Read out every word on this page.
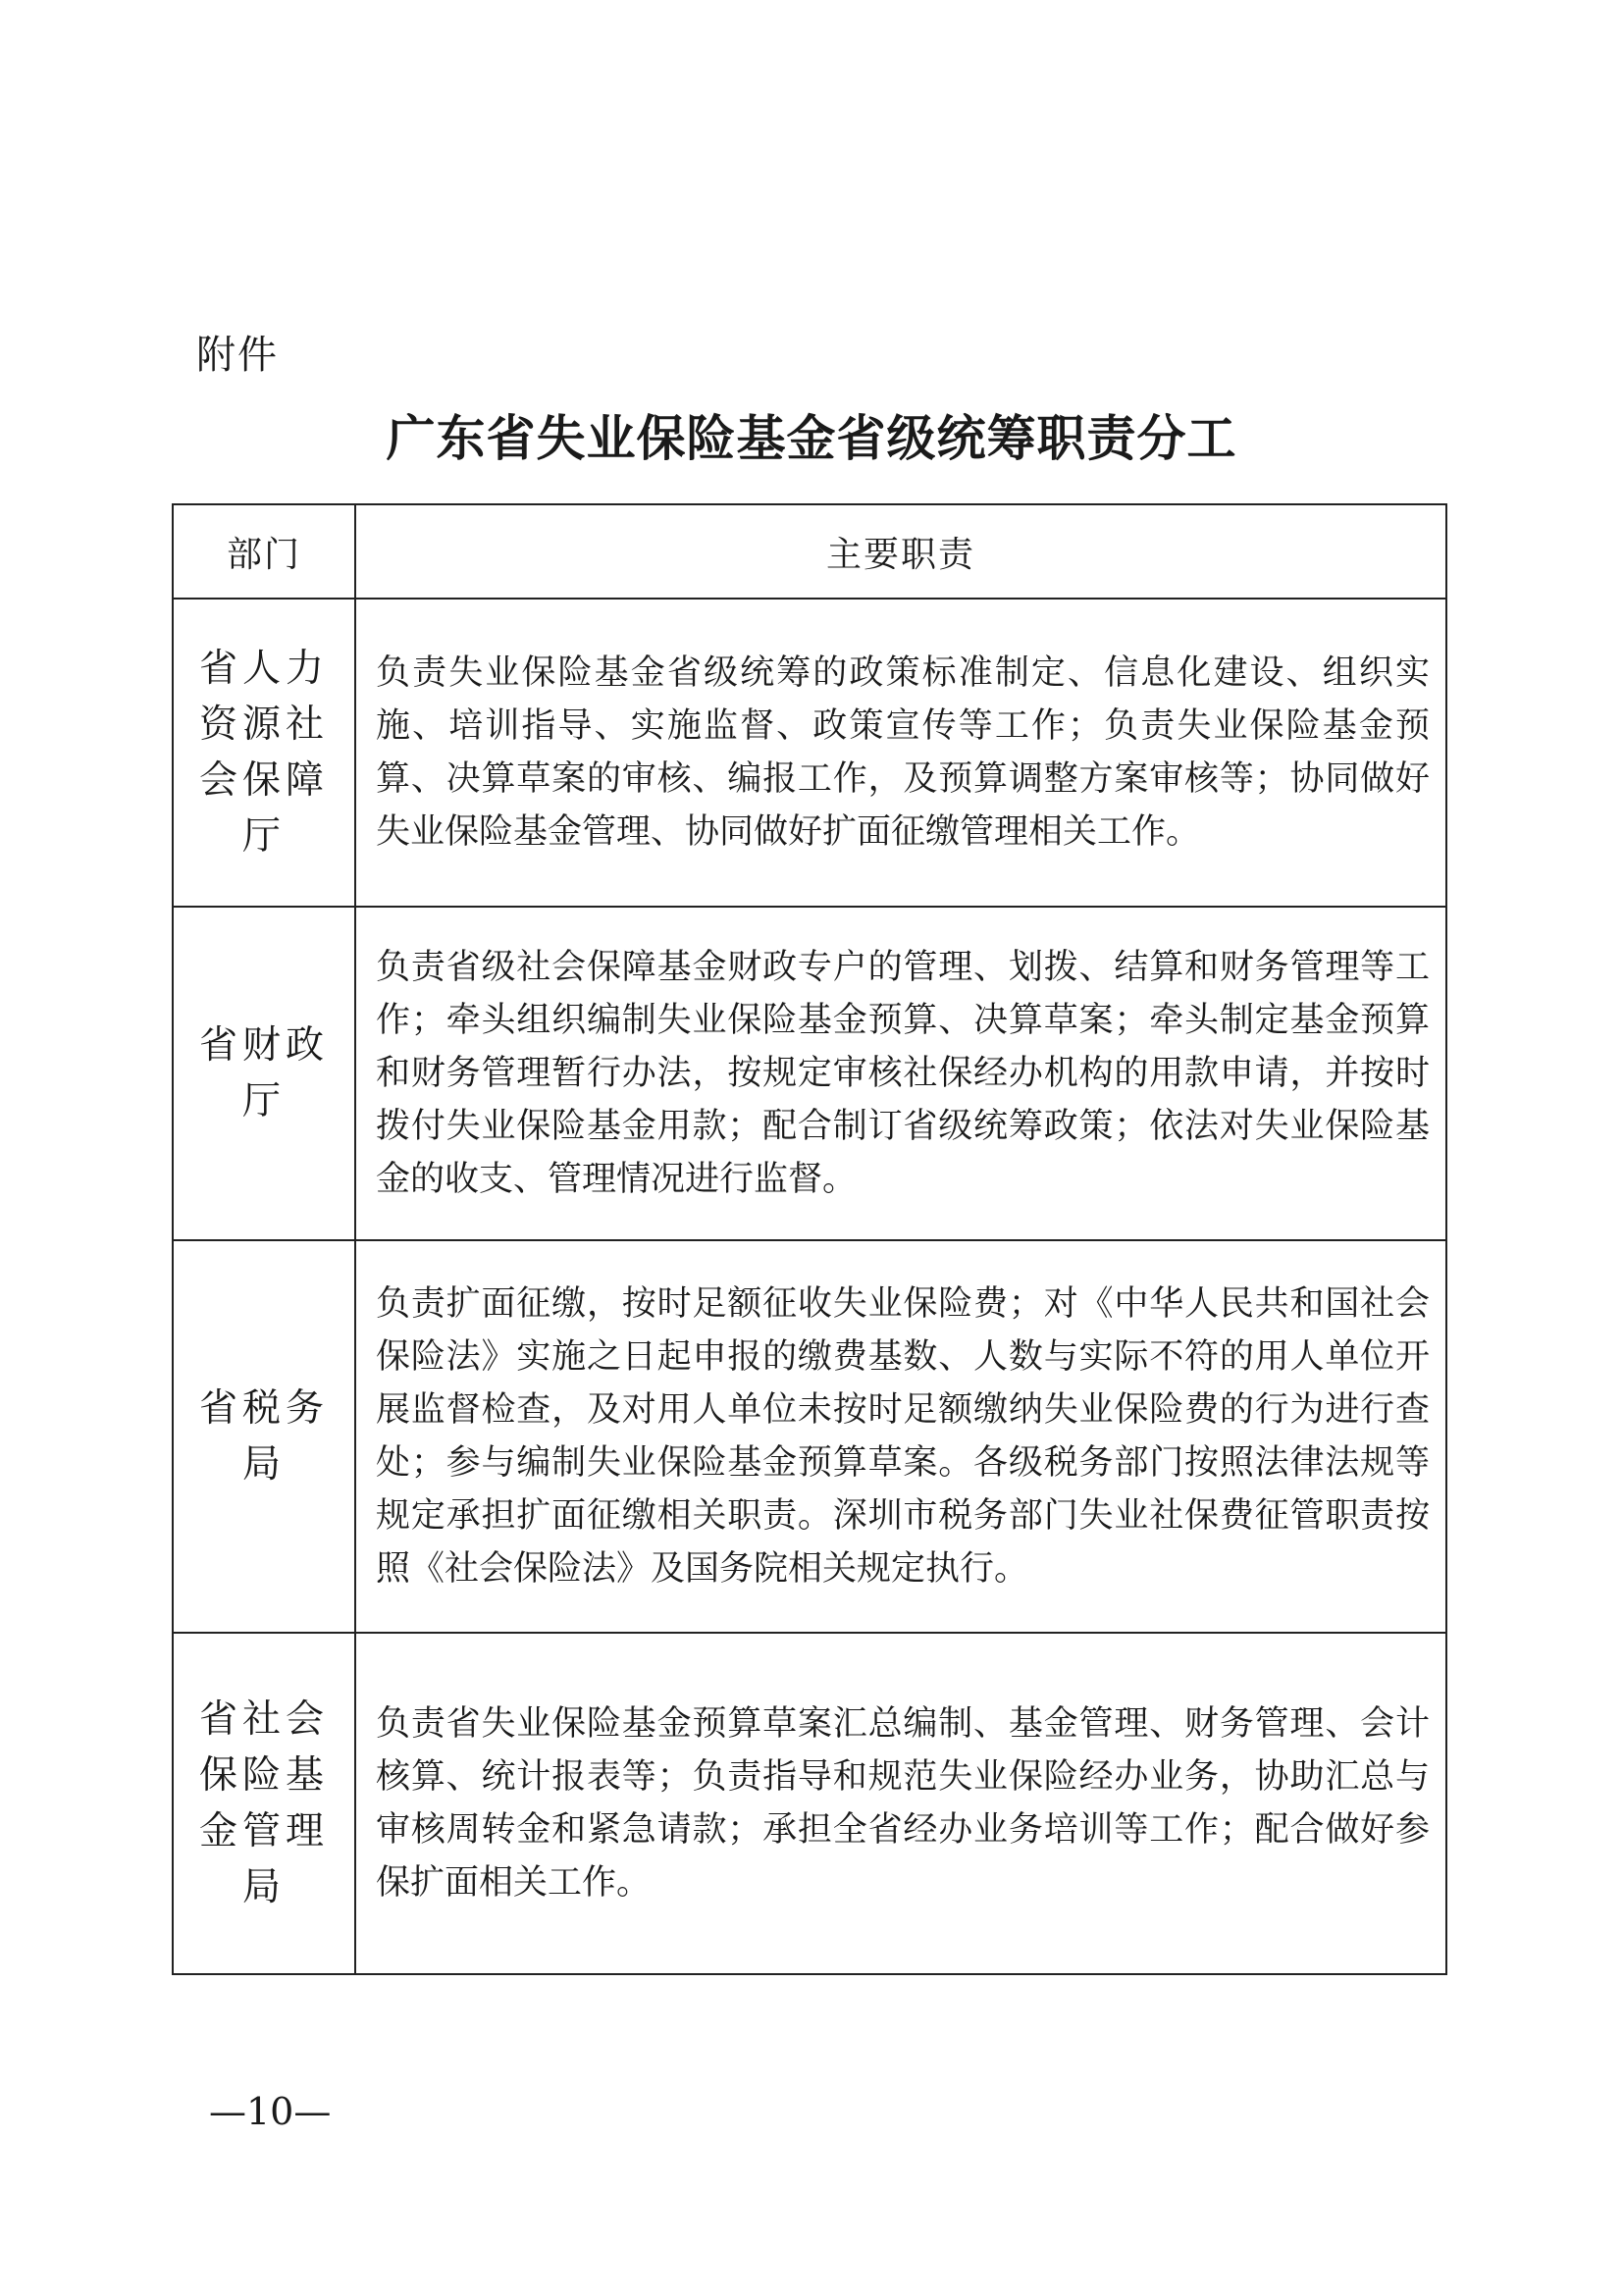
附件
广东省失业保险基金省级统筹职责分工
部门	主要职责
省人力资源社会保障厅	负责失业保险基金省级统筹的政策标准制定、信息化建设、组织实施、培训指导、实施监督、政策宣传等工作；负责失业保险基金预算、决算草案的审核、编报工作，及预算调整方案审核等；协同做好失业保险基金管理、协同做好扩面征缴管理相关工作。
省财政厅	负责省级社会保障基金财政专户的管理、划拨、结算和财务管理等工作；牵头组织编制失业保险基金预算、决算草案；牵头制定基金预算和财务管理暂行办法，按规定审核社保经办机构的用款申请，并按时拨付失业保险基金用款；配合制订省级统筹政策；依法对失业保险基金的收支、管理情况进行监督。
省税务局	负责扩面征缴，按时足额征收失业保险费；对《中华人民共和国社会保险法》实施之日起申报的缴费基数、人数与实际不符的用人单位开展监督检查，及对用人单位未按时足额缴纳失业保险费的行为进行查处；参与编制失业保险基金预算草案。各级税务部门按照法律法规等规定承担扩面征缴相关职责。深圳市税务部门失业社保费征管职责按照《社会保险法》及国务院相关规定执行。
省社会保险基金管理局	负责省失业保险基金预算草案汇总编制、基金管理、财务管理、会计核算、统计报表等；负责指导和规范失业保险经办业务，协助汇总与审核周转金和紧急请款；承担全省经办业务培训等工作；配合做好参保扩面相关工作。
—10—
